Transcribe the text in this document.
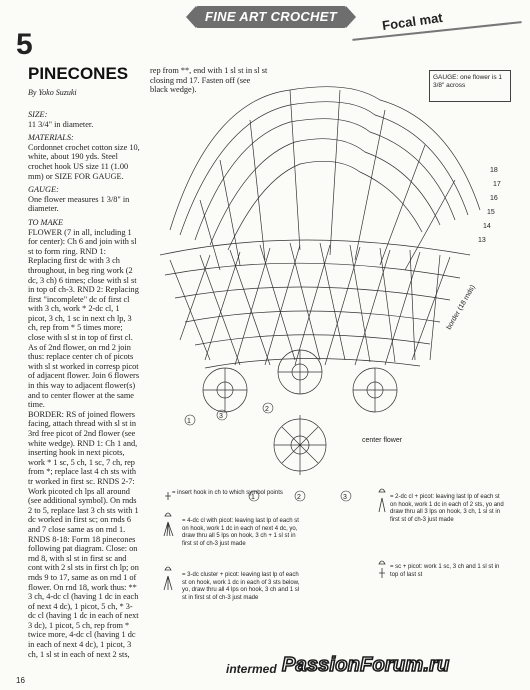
FINE ART CROCHET	Focal mat
5
PINECONES
By Yoko Suzuki
SIZE:

11 3/4" in diameter.

MATERIALS:

Cordonnet crochet cotton size 10, white, about 190 yds. Steel crochet hook US size 11 (1.00 mm) or SIZE FOR GAUGE.

GAUGE:

One flower measures 1 3/8" in diameter.

TO MAKE

FLOWER (7 in all, including 1 for center): Ch 6 and join with sl st to form ring. RND 1: Replacing first dc with 3 ch throughout, in beg ring work (2 dc, 3 ch) 6 times; close with sl st in top of ch-3. RND 2: Replacing first "incomplete" dc of first cl with 3 ch, work * 2-dc cl, 1 picot, 3 ch, 1 sc in next ch lp, 3 ch, rep from * 5 times more; close with sl st in top of first cl. As of 2nd flower, on rnd 2 join thus: replace center ch of picots with sl st worked in corresp picot of adjacent flower. Join 6 flowers in this way to adjacent flower(s) and to center flower at the same time.

BORDER: RS of joined flowers facing, attach thread with sl st in 3rd free picot of 2nd flower (see white wedge). RND 1: Ch 1 and, inserting hook in next picots, work * 1 sc, 5 ch, 1 sc, 7 ch, rep from *; replace last 4 ch sts with tr worked in first sc. RNDS 2-7: Work picoted ch lps all around (see additional symbol). On rnds 2 to 5, replace last 3 ch sts with 1 dc worked in first sc; on rnds 6 and 7 close same as on rnd 1. RNDS 8-18: Form 18 pinecones following pat diagram. Close: on rnd 8, with sl st in first sc and cont with 2 sl sts in first ch lp; on rnds 9 to 17, same as on rnd 1 of flower. On rnd 18, work thus: ** 3 ch, 4-dc cl (having 1 dc in each of next 4 dc), 1 picot, 5 ch, * 3-dc cl (having 1 dc in each of next 3 dc), 1 picot, 5 ch, rep from * twice more, 4-dc cl (having 1 dc in each of next 4 dc), 1 picot, 3 ch, 1 sl st in each of next 2 sts,

rep from **, end with 1 sl st in sl st closing rnd 17. Fasten off (see black wedge).
18
17
16
15
14
13
border (18 rnds)
center flower
3
2
1
3
2
1
GAUGE: one flower is 1 3/8" across
= insert hook in ch to which symbol points
= 4-dc cl with picot: leaving last lp of each st on hook, work 1 dc in each of next 4 dc, yo, draw thru all 5 lps on hook, 3 ch + 1 sl st in first st of ch-3 just made
= 3-dc cluster + picot: leaving last lp of each st on hook, work 1 dc in each of 3 sts below, yo, draw thru all 4 lps on hook, 3 ch and 1 sl st in first st of ch-3 just made
= 2-dc cl + picot: leaving last lp of each st on hook, work 1 dc in each of 2 sts, yo and draw thru all 3 lps on hook, 3 ch, 1 sl st in first st of ch-3 just made
= sc + picot: work 1 sc, 3 ch and 1 sl st in top of last st
16
intermed PassionForum.ru
